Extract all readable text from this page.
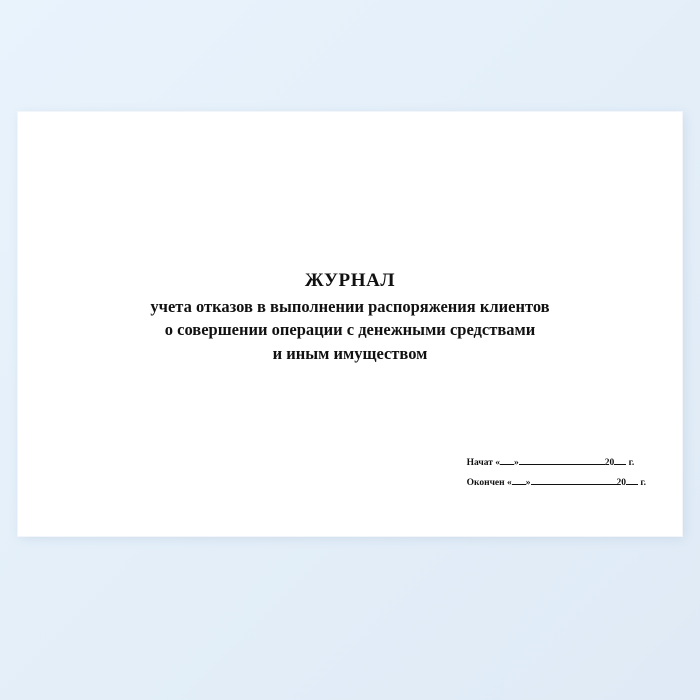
ЖУРНАЛ
учета отказов в выполнении распоряжения клиентов
о совершении операции с денежными средствами
и иным имуществом
Начат « »	20 г.
Окончен « »	20 г.
